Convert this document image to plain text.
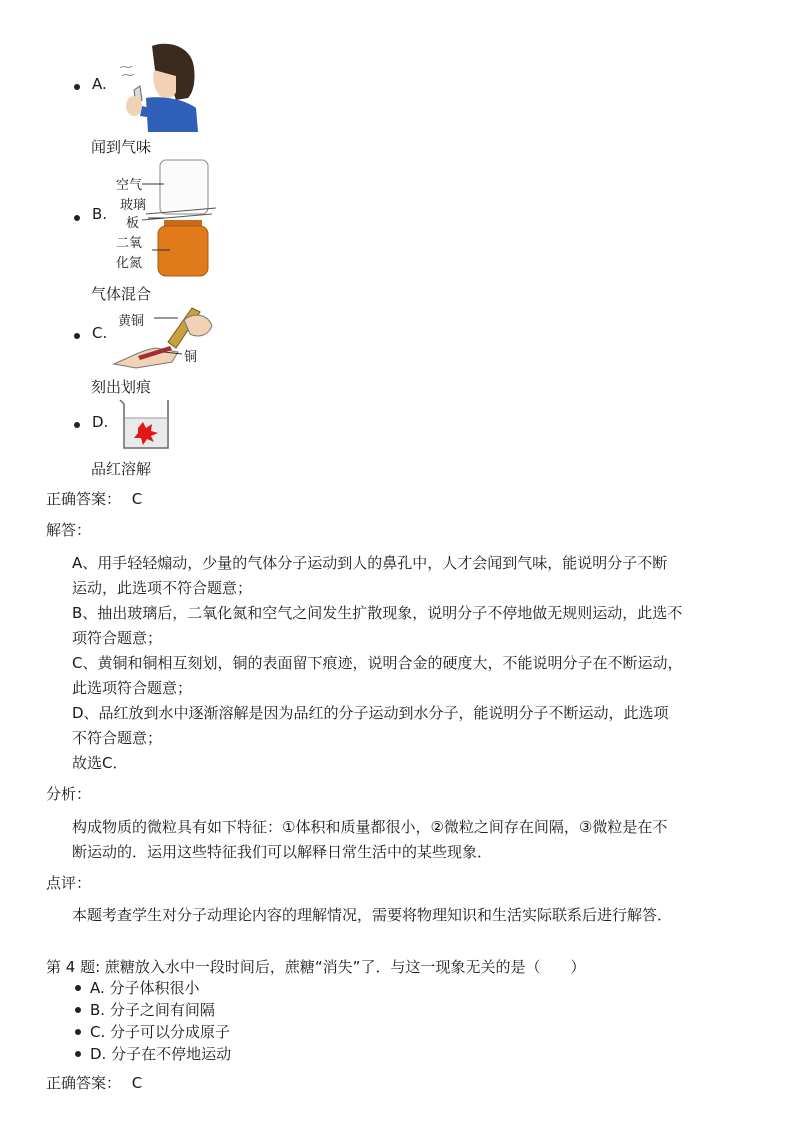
A.
闻到气味
B.
空气
玻璃
板
二氧
化氮
气体混合
C.
黄铜
铜
刻出划痕
D.
品红溶解
正确答案： C
解答：
A、用手轻轻煽动，少量的气体分子运动到人的鼻孔中，人才会闻到气味，能说明分子不断
运动，此选项不符合题意；
B、抽出玻璃后，二氧化氮和空气之间发生扩散现象，说明分子不停地做无规则运动，此选不
项符合题意；
C、黄铜和铜相互刻划，铜的表面留下痕迹，说明合金的硬度大，不能说明分子在不断运动，
此选项符合题意；
D、品红放到水中逐渐溶解是因为品红的分子运动到水分子，能说明分子不断运动，此选项
不符合题意；
故选C．
分析：
构成物质的微粒具有如下特征：①体积和质量都很小，②微粒之间存在间隔，③微粒是在不
断运动的．运用这些特征我们可以解释日常生活中的某些现象．
点评：
本题考查学生对分子动理论内容的理解情况，需要将物理知识和生活实际联系后进行解答．
第 4 题: 蔗糖放入水中一段时间后，蔗糖“消失”了．与这一现象无关的是（　　）
A. 分子体积很小
B. 分子之间有间隔
C. 分子可以分成原子
D. 分子在不停地运动
正确答案： C
